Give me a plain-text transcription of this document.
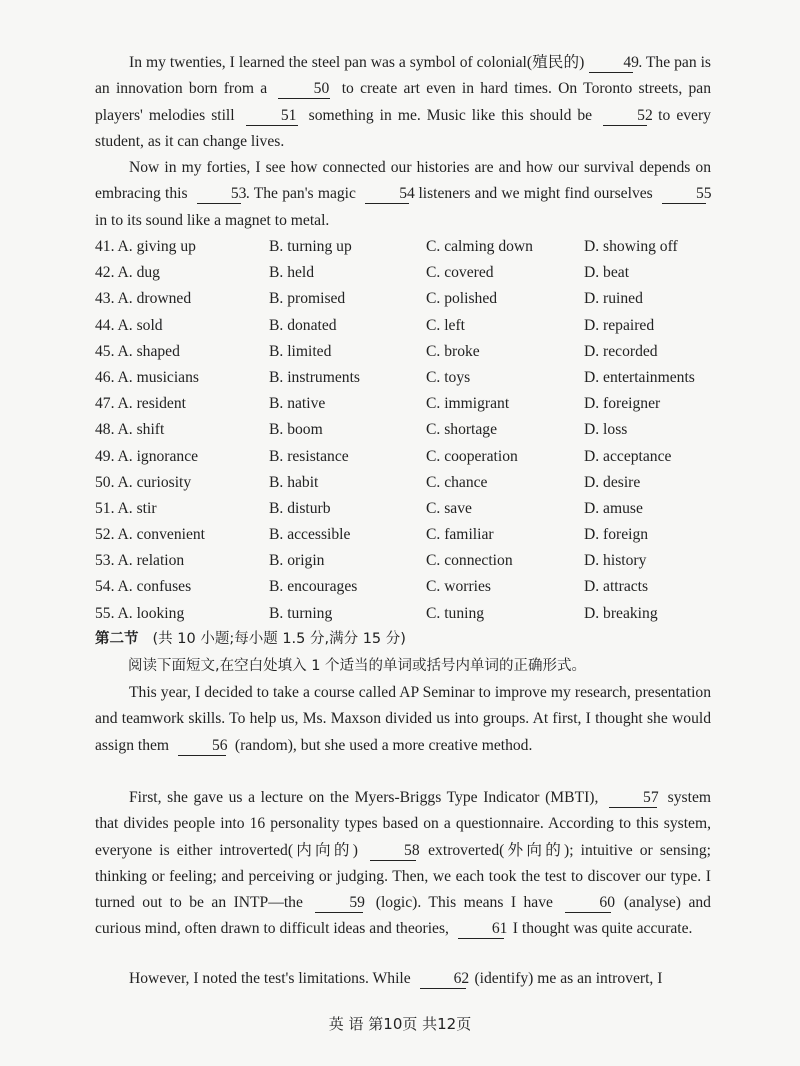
In my twenties, I learned the steel pan was a symbol of colonial(殖民的)	49. The pan is an innovation born from a	50 to create art even in hard times. On Toronto streets, pan players' melodies still	51 something in me. Music like this should be	52 to every student, as it can change lives.
Now in my forties, I see how connected our histories are and how our survival depends on embracing this	53. The pan's magic	54 listeners and we might find ourselves	55 in to its sound like a magnet to metal.
41. A. giving up	B. turning up	C. calming down	D. showing off
42. A. dug	B. held	C. covered	D. beat
43. A. drowned	B. promised	C. polished	D. ruined
44. A. sold	B. donated	C. left	D. repaired
45. A. shaped	B. limited	C. broke	D. recorded
46. A. musicians	B. instruments	C. toys	D. entertainments
47. A. resident	B. native	C. immigrant	D. foreigner
48. A. shift	B. boom	C. shortage	D. loss
49. A. ignorance	B. resistance	C. cooperation	D. acceptance
50. A. curiosity	B. habit	C. chance	D. desire
51. A. stir	B. disturb	C. save	D. amuse
52. A. convenient	B. accessible	C. familiar	D. foreign
53. A. relation	B. origin	C. connection	D. history
54. A. confuses	B. encourages	C. worries	D. attracts
55. A. looking	B. turning	C. tuning	D. breaking
第二节 (共 10 小题;每小题 1.5 分,满分 15 分)
阅读下面短文,在空白处填入 1 个适当的单词或括号内单词的正确形式。
This year, I decided to take a course called AP Seminar to improve my research, presentation and teamwork skills. To help us, Ms. Maxson divided us into groups. At first, I thought she would assign them	56 (random), but she used a more creative method.
First, she gave us a lecture on the Myers-Briggs Type Indicator (MBTI),	57 system that divides people into 16 personality types based on a questionnaire. According to this system, everyone is either introverted(内向的)	58 extroverted(外向的); intuitive or sensing; thinking or feeling; and perceiving or judging. Then, we each took the test to discover our type. I turned out to be an INTP—the	59 (logic). This means I have	60 (analyse) and curious mind, often drawn to difficult ideas and theories,	61 I thought was quite accurate.
However, I noted the test's limitations. While	62 (identify) me as an introvert, I
英 语 第10页 共12页
